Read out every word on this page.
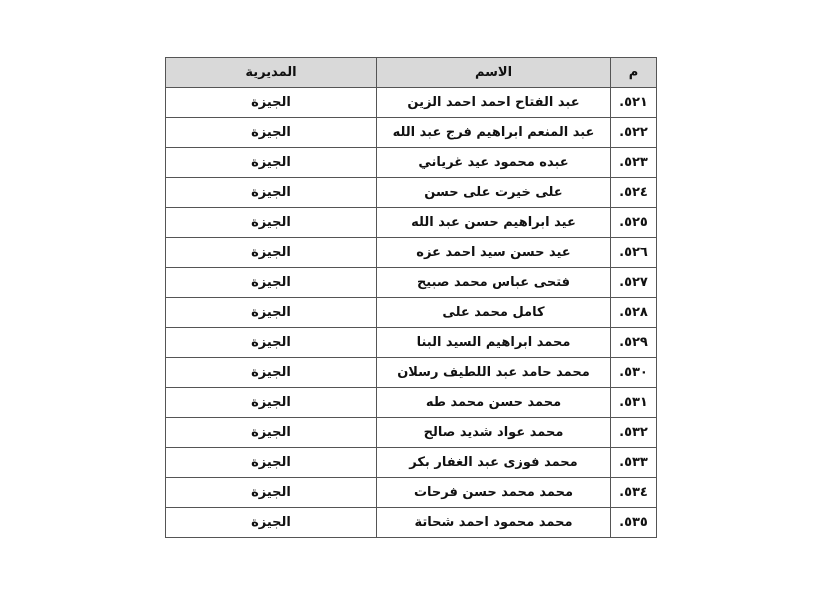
م	الاسم	المديرية
٥٢١.	عبد الفتاح احمد احمد الزين	الجيزة
٥٢٢.	عبد المنعم ابراهيم فرج عبد الله	الجيزة
٥٢٣.	عبده محمود عيد غرياني	الجيزة
٥٢٤.	على خيرت على حسن	الجيزة
٥٢٥.	عيد ابراهيم حسن عبد الله	الجيزة
٥٢٦.	عيد حسن سيد احمد عزه	الجيزة
٥٢٧.	فتحى عباس محمد صبيح	الجيزة
٥٢٨.	كامل محمد على	الجيزة
٥٢٩.	محمد ابراهيم السيد البنا	الجيزة
٥٣٠.	محمد حامد عبد اللطيف رسلان	الجيزة
٥٣١.	محمد حسن محمد طه	الجيزة
٥٣٢.	محمد عواد شديد صالح	الجيزة
٥٣٣.	محمد فوزى عبد الغفار بكر	الجيزة
٥٣٤.	محمد محمد حسن فرحات	الجيزة
٥٣٥.	محمد محمود احمد شحاتة	الجيزة
